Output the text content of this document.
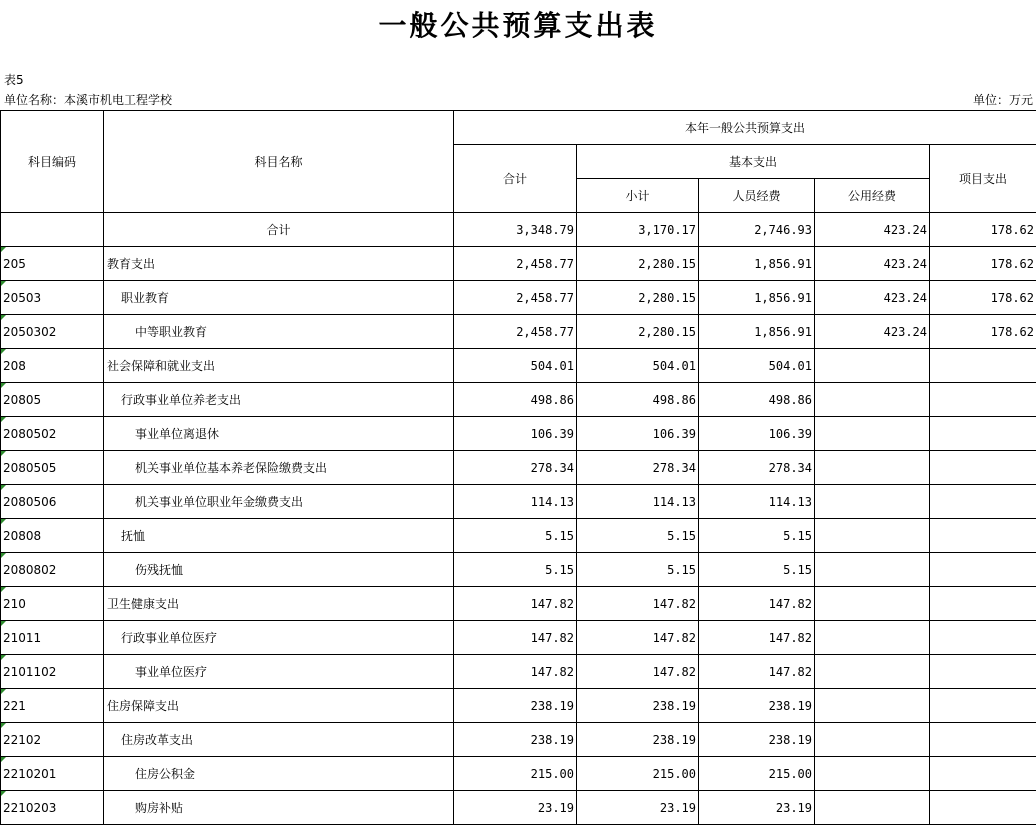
一般公共预算支出表
表5
单位名称：本溪市机电工程学校	单位：万元
科目编码	科目名称	本年一般公共预算支出				
		合计	基本支出			项目支出
			小计	人员经费	公用经费	
	合计	3,348.79	3,170.17	2,746.93	423.24	178.62
205	教育支出	2,458.77	2,280.15	1,856.91	423.24	178.62
20503	职业教育	2,458.77	2,280.15	1,856.91	423.24	178.62
2050302	中等职业教育	2,458.77	2,280.15	1,856.91	423.24	178.62
208	社会保障和就业支出	504.01	504.01	504.01		
20805	行政事业单位养老支出	498.86	498.86	498.86		
2080502	事业单位离退休	106.39	106.39	106.39		
2080505	机关事业单位基本养老保险缴费支出	278.34	278.34	278.34		
2080506	机关事业单位职业年金缴费支出	114.13	114.13	114.13		
20808	抚恤	5.15	5.15	5.15		
2080802	伤残抚恤	5.15	5.15	5.15		
210	卫生健康支出	147.82	147.82	147.82		
21011	行政事业单位医疗	147.82	147.82	147.82		
2101102	事业单位医疗	147.82	147.82	147.82		
221	住房保障支出	238.19	238.19	238.19		
22102	住房改革支出	238.19	238.19	238.19		
2210201	住房公积金	215.00	215.00	215.00		
2210203	购房补贴	23.19	23.19	23.19		
